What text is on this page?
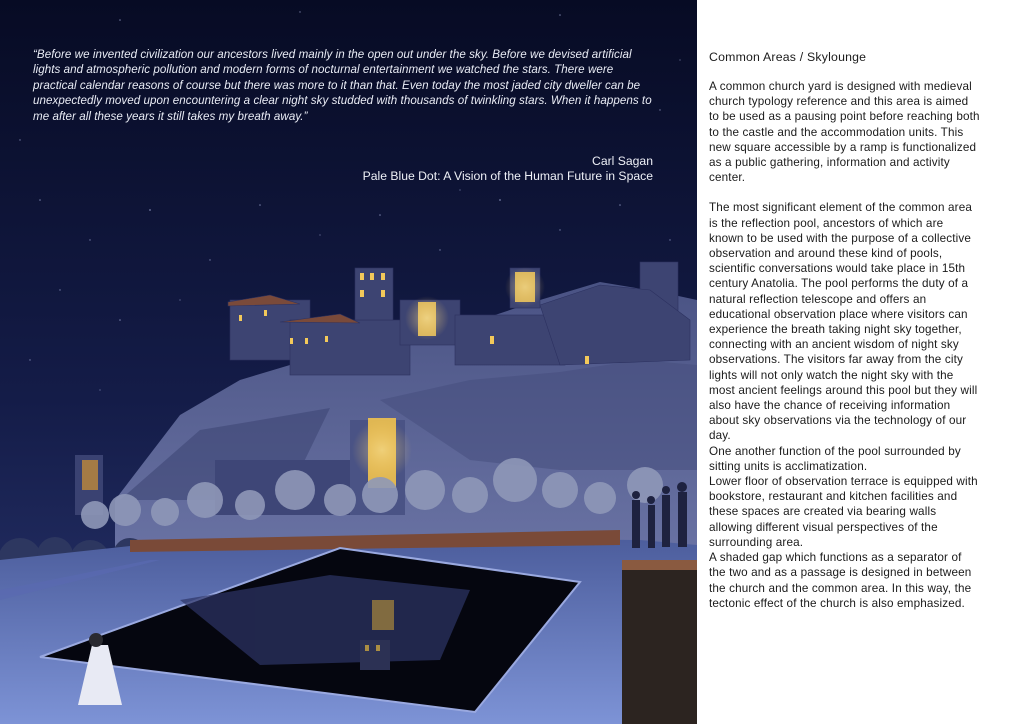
“Before we invented civilization our ancestors lived mainly in the open out under the sky. Before we devised artificial lights and atmospheric pollution and modern forms of nocturnal entertainment we watched the stars. There were practical calendar reasons of course but there was more to it than that. Even today the most jaded city dweller can be unexpectedly moved upon encountering a clear night sky studded with thousands of twinkling stars. When it happens to me after all these years it still takes my breath away.”
Carl Sagan
Pale Blue Dot: A Vision of the Human Future in Space
Common Areas / Skylounge

A common church yard is designed with medieval church typology reference and this area is aimed to be used as a pausing point before reaching both to the castle and the accommodation units. This new square accessible by a ramp is functionalized as a public gathering, information and activity center.

The most significant element of the common area is the reflection pool, ancestors of which are known to be used with the purpose of a collective observation and around these kind of pools, scientific conversations would take place in 15th century Anatolia. The pool performs the duty of a natural reflection telescope and offers an educational observation place where visitors can experience the breath taking night sky together, connecting with an ancient wisdom of night sky observations. The visitors far away from the city lights will not only watch the night sky with the most ancient feelings around this pool but they will also have the chance of receiving information about sky observations via the technology of our day.

One another function of the pool surrounded by sitting units is acclimatization.

Lower floor of observation terrace is equipped with bookstore, restaurant and kitchen facilities and these spaces are created via bearing walls allowing different visual perspectives of the surrounding area.

A shaded gap which functions as a separator of the two and as a passage is designed in between the church and the common area. In this way, the tectonic effect of the church is also emphasized.
